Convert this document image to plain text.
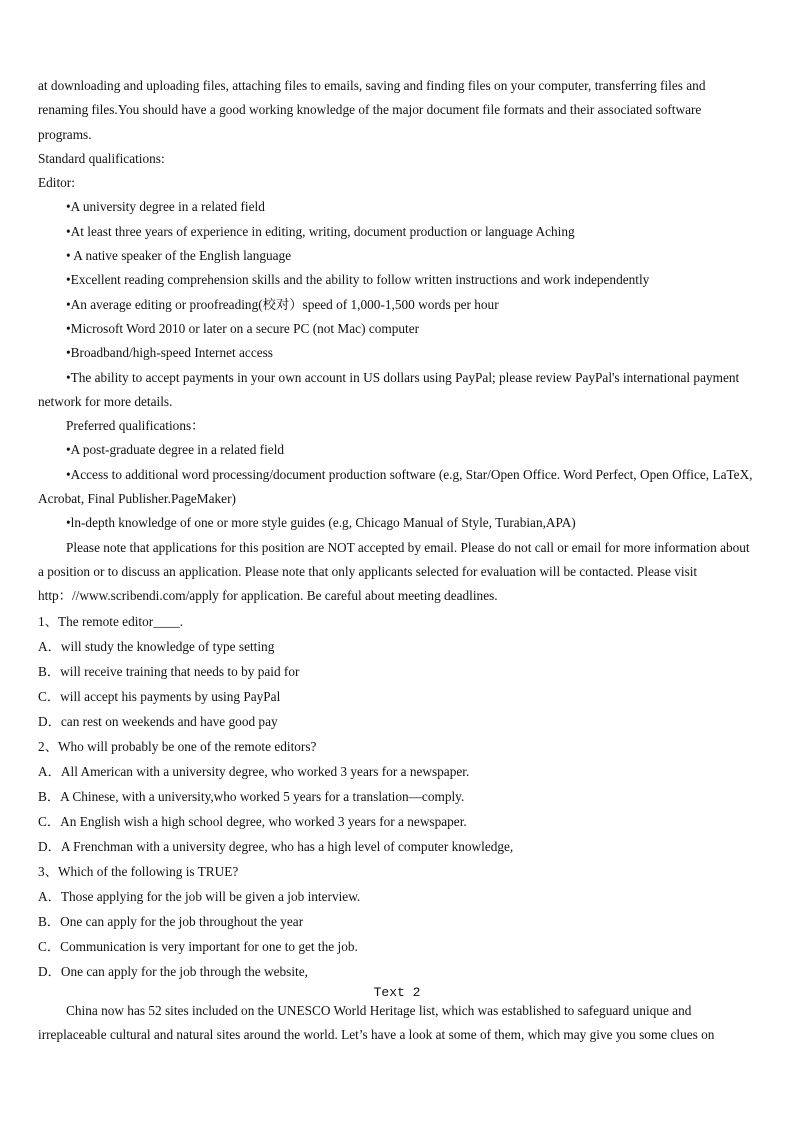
at downloading and uploading files, attaching files to emails, saving and finding files on your computer, transferring files and renaming files.You should have a good working knowledge of the major document file formats and their associated software programs.

Standard qualifications:

Editor:

•A university degree in a related field

•At least three years of experience in editing, writing, document production or language Aching

• A native speaker of the English language

•Excellent reading comprehension skills and the ability to follow written instructions and work independently

•An average editing or proofreading(校对）speed of 1,000-1,500 words per hour

•Microsoft Word 2010 or later on a secure PC (not Mac) computer

•Broadband/high-speed Internet access

•The ability to accept payments in your own account in US dollars using PayPal; please review PayPal's international payment network for more details.

Preferred qualifications：

•A post-graduate degree in a related field

•Access to additional word processing/document production software (e.g, Star/Open Office. Word Perfect, Open Office, LaTeX, Acrobat, Final Publisher.PageMaker)

•ln-depth knowledge of one or more style guides (e.g, Chicago Manual of Style, Turabian,APA)

Please note that applications for this position are NOT accepted by email. Please do not call or email for more information about a position or to discuss an application. Please note that only applicants selected for evaluation will be contacted. Please visit http：//www.scribendi.com/apply for application. Be careful about meeting deadlines.

1、The remote editor____.

A．will study the knowledge of type setting

B．will receive training that needs to by paid for

C．will accept his payments by using PayPal

D．can rest on weekends and have good pay

2、Who will probably be one of the remote editors?

A．All American with a university degree, who worked 3 years for a newspaper.

B．A Chinese, with a university,who worked 5 years for a translation—comply.

C．An English wish a high school degree, who worked 3 years for a newspaper.

D．A Frenchman with a university degree, who has a high level of computer knowledge,

3、Which of the following is TRUE?

A．Those applying for the job will be given a job interview.

B．One can apply for the job throughout the year

C．Communication is very important for one to get the job.

D．One can apply for the job through the website,

Text 2

China now has 52 sites included on the UNESCO World Heritage list, which was established to safeguard unique and irreplaceable cultural and natural sites around the world. Let’s have a look at some of them, which may give you some clues on
